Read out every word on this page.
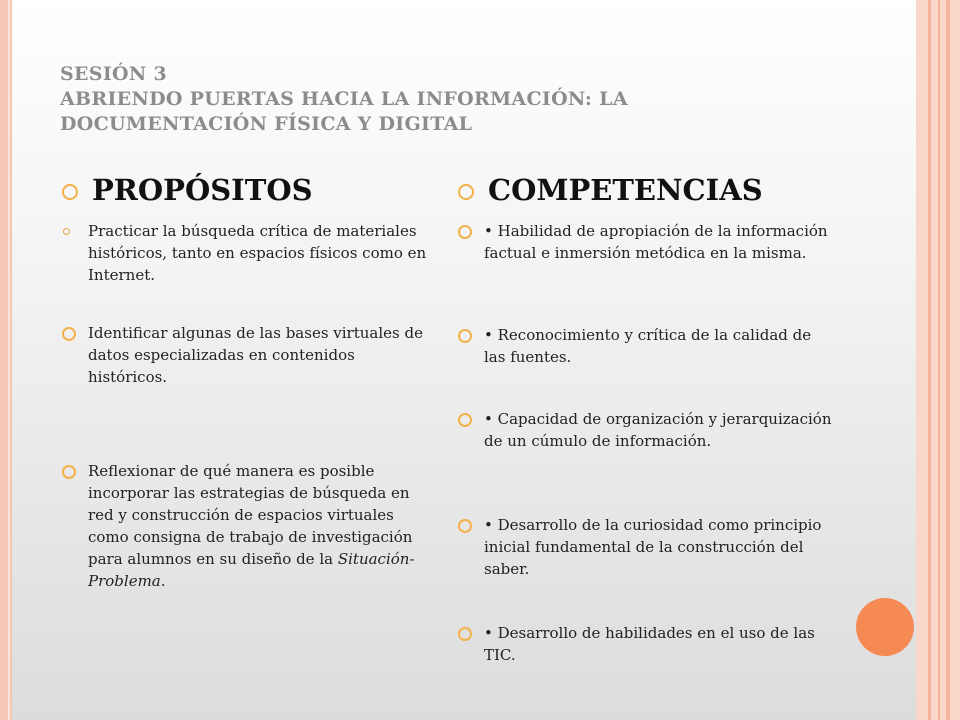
SESIÓN 3
ABRIENDO PUERTAS HACIA LA INFORMACIÓN: LA
DOCUMENTACIÓN FÍSICA Y DIGITAL
PROPÓSITOS
Practicar la búsqueda crítica de materiales históricos, tanto en espacios físicos como en Internet.
Identificar algunas de las bases virtuales de datos especializadas en contenidos históricos.
Reflexionar de qué manera es posible incorporar las estrategias de búsqueda en red y construcción de espacios virtuales como consigna de trabajo de investigación para alumnos en su diseño de la Situación-Problema.
COMPETENCIAS
• Habilidad de apropiación de la información factual e inmersión metódica en la misma.
• Reconocimiento y crítica de la calidad de las fuentes.
• Capacidad de organización y jerarquización de un cúmulo de información.
• Desarrollo de la curiosidad como principio inicial fundamental de la construcción del saber.
• Desarrollo de habilidades en el uso de las TIC.
